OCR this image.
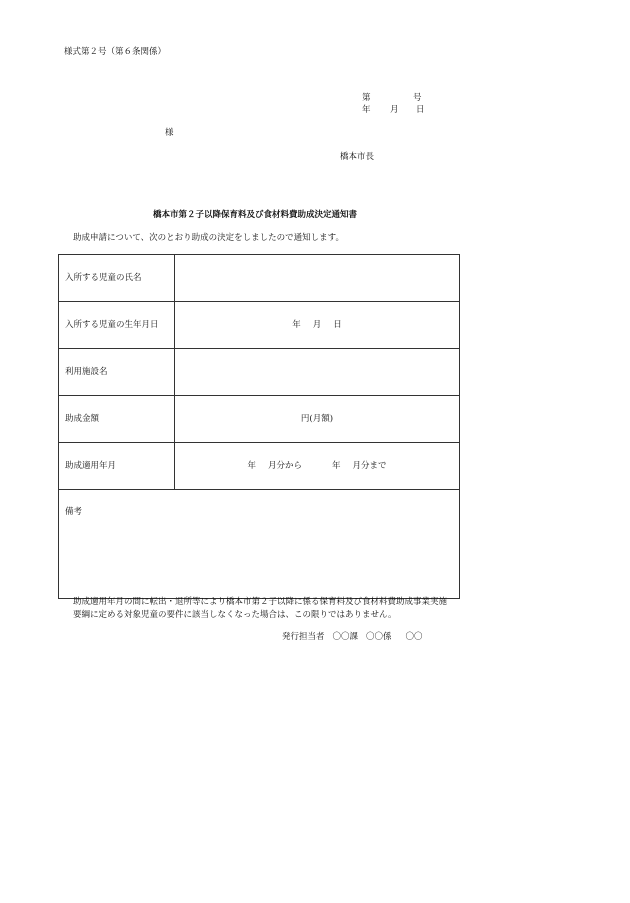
様式第２号（第６条関係）
第	号
年 月 日
様
橋本市長
橋本市第２子以降保育料及び食材料費助成決定通知書
助成申請について、次のとおり助成の決定をしましたので通知します。
入所する児童の氏名	
入所する児童の生年月日	年 月 日
利用施設名	
助成金額	円(月額)
助成適用年月	年 月分から 年 月分まで
備考	
助成適用年月の間に転出・退所等により橋本市第２子以降に係る保育料及び食材料費助成事業実施
要綱に定める対象児童の要件に該当しなくなった場合は、この限りではありません。
発行担当者 〇〇課 〇〇係 〇〇
